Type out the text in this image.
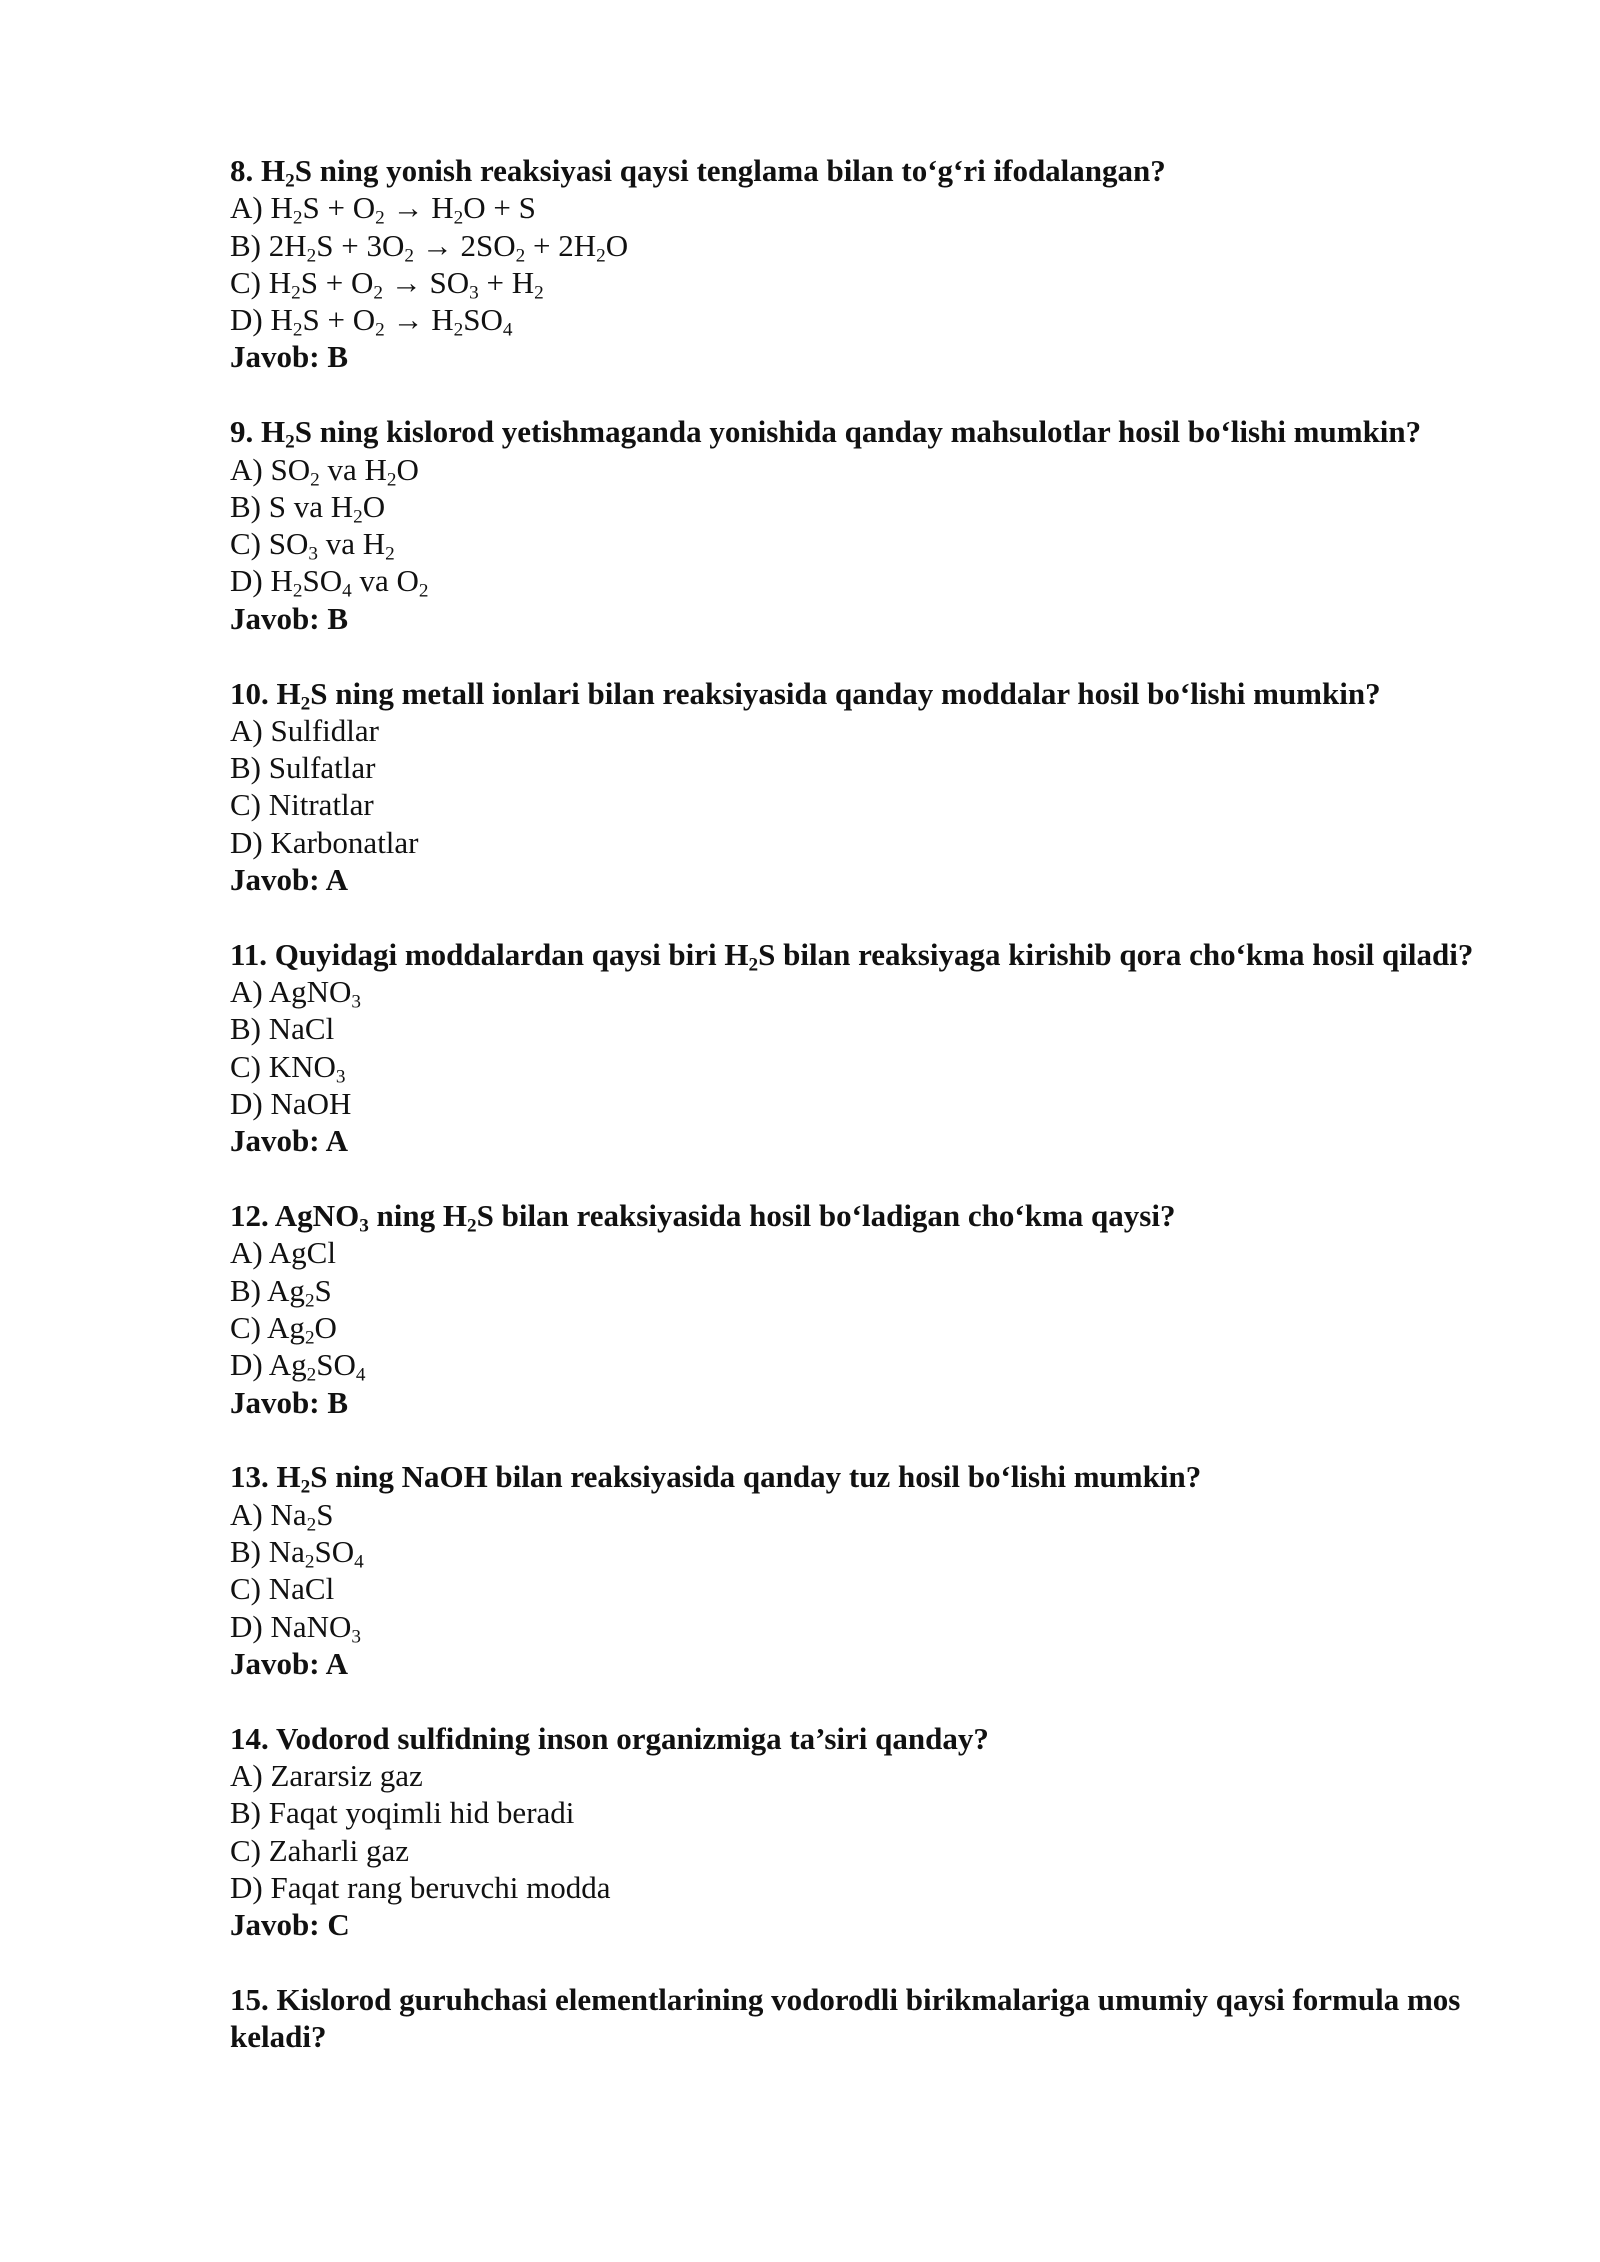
8. $H_2S$ ning yonish reaksiyasi qaysi tenglama bilan to‘g‘ri ifodalangan?
A) $H_2S + O_2 \to H_2O + S$
B) $2H_2S + 3O_2 \to 2SO_2 + 2H_2O$
C) $H_2S + O_2 \to SO_3 + H_2$
D) $H_2S + O_2 \to H_2SO_4$
Javob: B
9. $H_2S$ ning kislorod yetishmaganda yonishida qanday mahsulotlar hosil bo‘lishi mumkin?
A) $SO_2$ va $H_2O$
B) S va $H_2O$
C) $SO_3$ va $H_2$
D) $H_2SO_4$ va $O_2$
Javob: B
10. $H_2S$ ning metall ionlari bilan reaksiyasida qanday moddalar hosil bo‘lishi mumkin?
A) Sulfidlar
B) Sulfatlar
C) Nitratlar
D) Karbonatlar
Javob: A
11. Quyidagi moddalardan qaysi biri $H_2S$ bilan reaksiyaga kirishib qora cho‘kma hosil qiladi?
A) AgNO$_3$
B) NaCl
C) $KNO_3$
D) NaOH
Javob: A
12. AgNO$_3$ ning $H_2S$ bilan reaksiyasida hosil bo‘ladigan cho‘kma qaysi?
A) AgCl
B) $Ag_2S$
C) $Ag_2O$
D) $Ag_2SO_4$
Javob: B
13. $H_2S$ ning NaOH bilan reaksiyasida qanday tuz hosil bo‘lishi mumkin?
A) $Na_2S$
B) $Na_2SO_4$
C) NaCl
D) NaNO$_3$
Javob: A
14. Vodorod sulfidning inson organizmiga ta’siri qanday?
A) Zararsiz gaz
B) Faqat yoqimli hid beradi
C) Zaharli gaz
D) Faqat rang beruvchi modda
Javob: C
15. Kislorod guruhchasi elementlarining vodorodli birikmalariga umumiy qaysi formula mos keladi?
